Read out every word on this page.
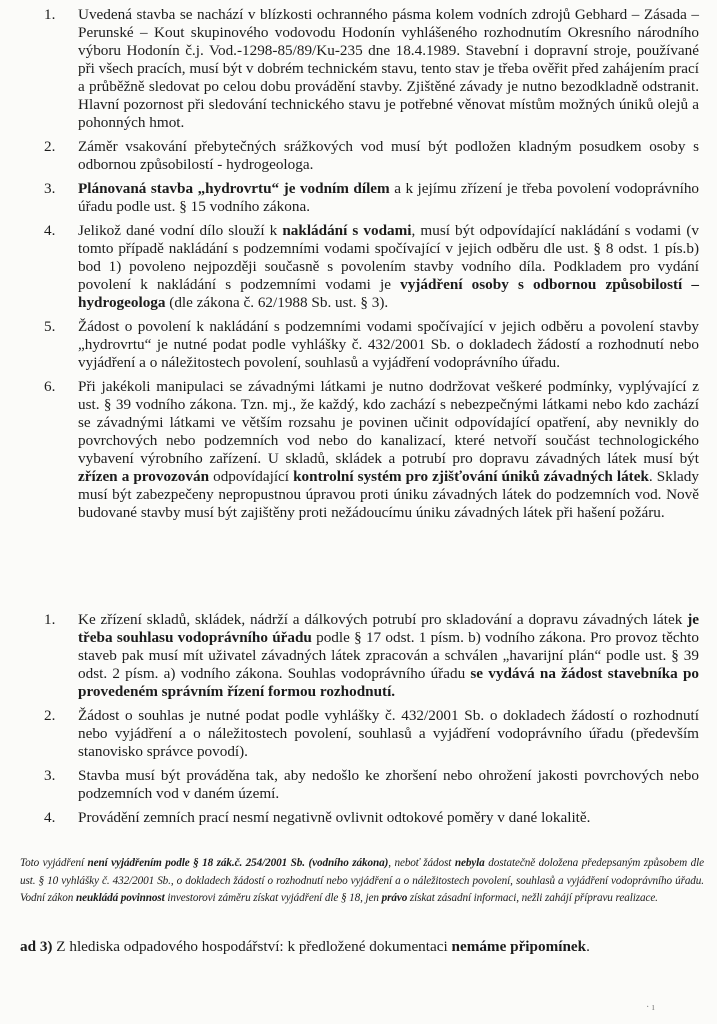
1. Uvedená stavba se nachází v blízkosti ochranného pásma kolem vodních zdrojů Gebhard – Zásada – Perunské – Kout skupinového vodovodu Hodonín vyhlášeného rozhodnutím Okresního národního výboru Hodonín č.j. Vod.-1298-85/89/Ku-235 dne 18.4.1989. Stavební i dopravní stroje, používané při všech pracích, musí být v dobrém technickém stavu, tento stav je třeba ověřit před zahájením prací a průběžně sledovat po celou dobu provádění stavby. Zjištěné závady je nutno bezodkladně odstranit. Hlavní pozornost při sledování technického stavu je potřebné věnovat místům možných úniků olejů a pohonných hmot.
2. Záměr vsakování přebytečných srážkových vod musí být podložen kladným posudkem osoby s odbornou způsobilostí - hydrogeologa.
3. Plánovaná stavba „hydrovrtu“ je vodním dílem a k jejímu zřízení je třeba povolení vodoprávního úřadu podle ust. § 15 vodního zákona.
4. Jelikož dané vodní dílo slouží k nakládání s vodami, musí být odpovídající nakládání s vodami (v tomto případě nakládání s podzemními vodami spočívající v jejich odběru dle ust. § 8 odst. 1 pís.b) bod 1) povoleno nejpozději současně s povolením stavby vodního díla. Podkladem pro vydání povolení k nakládání s podzemními vodami je vyjádření osoby s odbornou způsobilostí – hydrogeologa (dle zákona č. 62/1988 Sb. ust. § 3).
5. Žádost o povolení k nakládání s podzemními vodami spočívající v jejich odběru a povolení stavby „hydrovrtu“ je nutné podat podle vyhlášky č. 432/2001 Sb. o dokladech žádostí a rozhodnutí nebo vyjádření a o náležitostech povolení, souhlasů a vyjádření vodoprávního úřadu.
6. Při jakékoli manipulaci se závadnými látkami je nutno dodržovat veškeré podmínky, vyplývající z ust. § 39 vodního zákona. Tzn. mj., že každý, kdo zachází s nebezpečnými látkami nebo kdo zachází se závadnými látkami ve větším rozsahu je povinen učinit odpovídající opatření, aby nevnikly do povrchových nebo podzemních vod nebo do kanalizací, které netvoří součást technologického vybavení výrobního zařízení. U skladů, skládek a potrubí pro dopravu závadných látek musí být zřízen a provozován odpovídající kontrolní systém pro zjišťování úniků závadných látek. Sklady musí být zabezpečeny nepropustnou úpravou proti úniku závadných látek do podzemních vod. Nově budované stavby musí být zajištěny proti nežádoucímu úniku závadných látek při hašení požáru.
1. Ke zřízení skladů, skládek, nádrží a dálkových potrubí pro skladování a dopravu závadných látek je třeba souhlasu vodoprávního úřadu podle § 17 odst. 1 písm. b) vodního zákona. Pro provoz těchto staveb pak musí mít uživatel závadných látek zpracován a schválen „havarijní plán“ podle ust. § 39 odst. 2 písm. a) vodního zákona. Souhlas vodoprávního úřadu se vydává na žádost stavebníka po provedeném správním řízení formou rozhodnutí.
2. Žádost o souhlas je nutné podat podle vyhlášky č. 432/2001 Sb. o dokladech žádostí o rozhodnutí nebo vyjádření a o náležitostech povolení, souhlasů a vyjádření vodoprávního úřadu (především stanovisko správce povodí).
3. Stavba musí být prováděna tak, aby nedošlo ke zhoršení nebo ohrožení jakosti povrchových nebo podzemních vod v daném území.
4. Provádění zemních prací nesmí negativně ovlivnit odtokové poměry v dané lokalitě.
Toto vyjádření není vyjádřením podle § 18 zák.č. 254/2001 Sb. (vodního zákona), neboť žádost nebyla dostatečně doložena předepsaným způsobem dle ust. § 10 vyhlášky č. 432/2001 Sb., o dokladech žádostí o rozhodnutí nebo vyjádření a o náležitostech povolení, souhlasů a vyjádření vodoprávního úřadu. Vodní zákon neukládá povinnost investorovi záměru získat vyjádření dle § 18, jen právo získat zásadní informaci, nežli zahájí přípravu realizace.
ad 3) Z hlediska odpadového hospodářství: k předložené dokumentaci nemáme připomínek.
· ı
